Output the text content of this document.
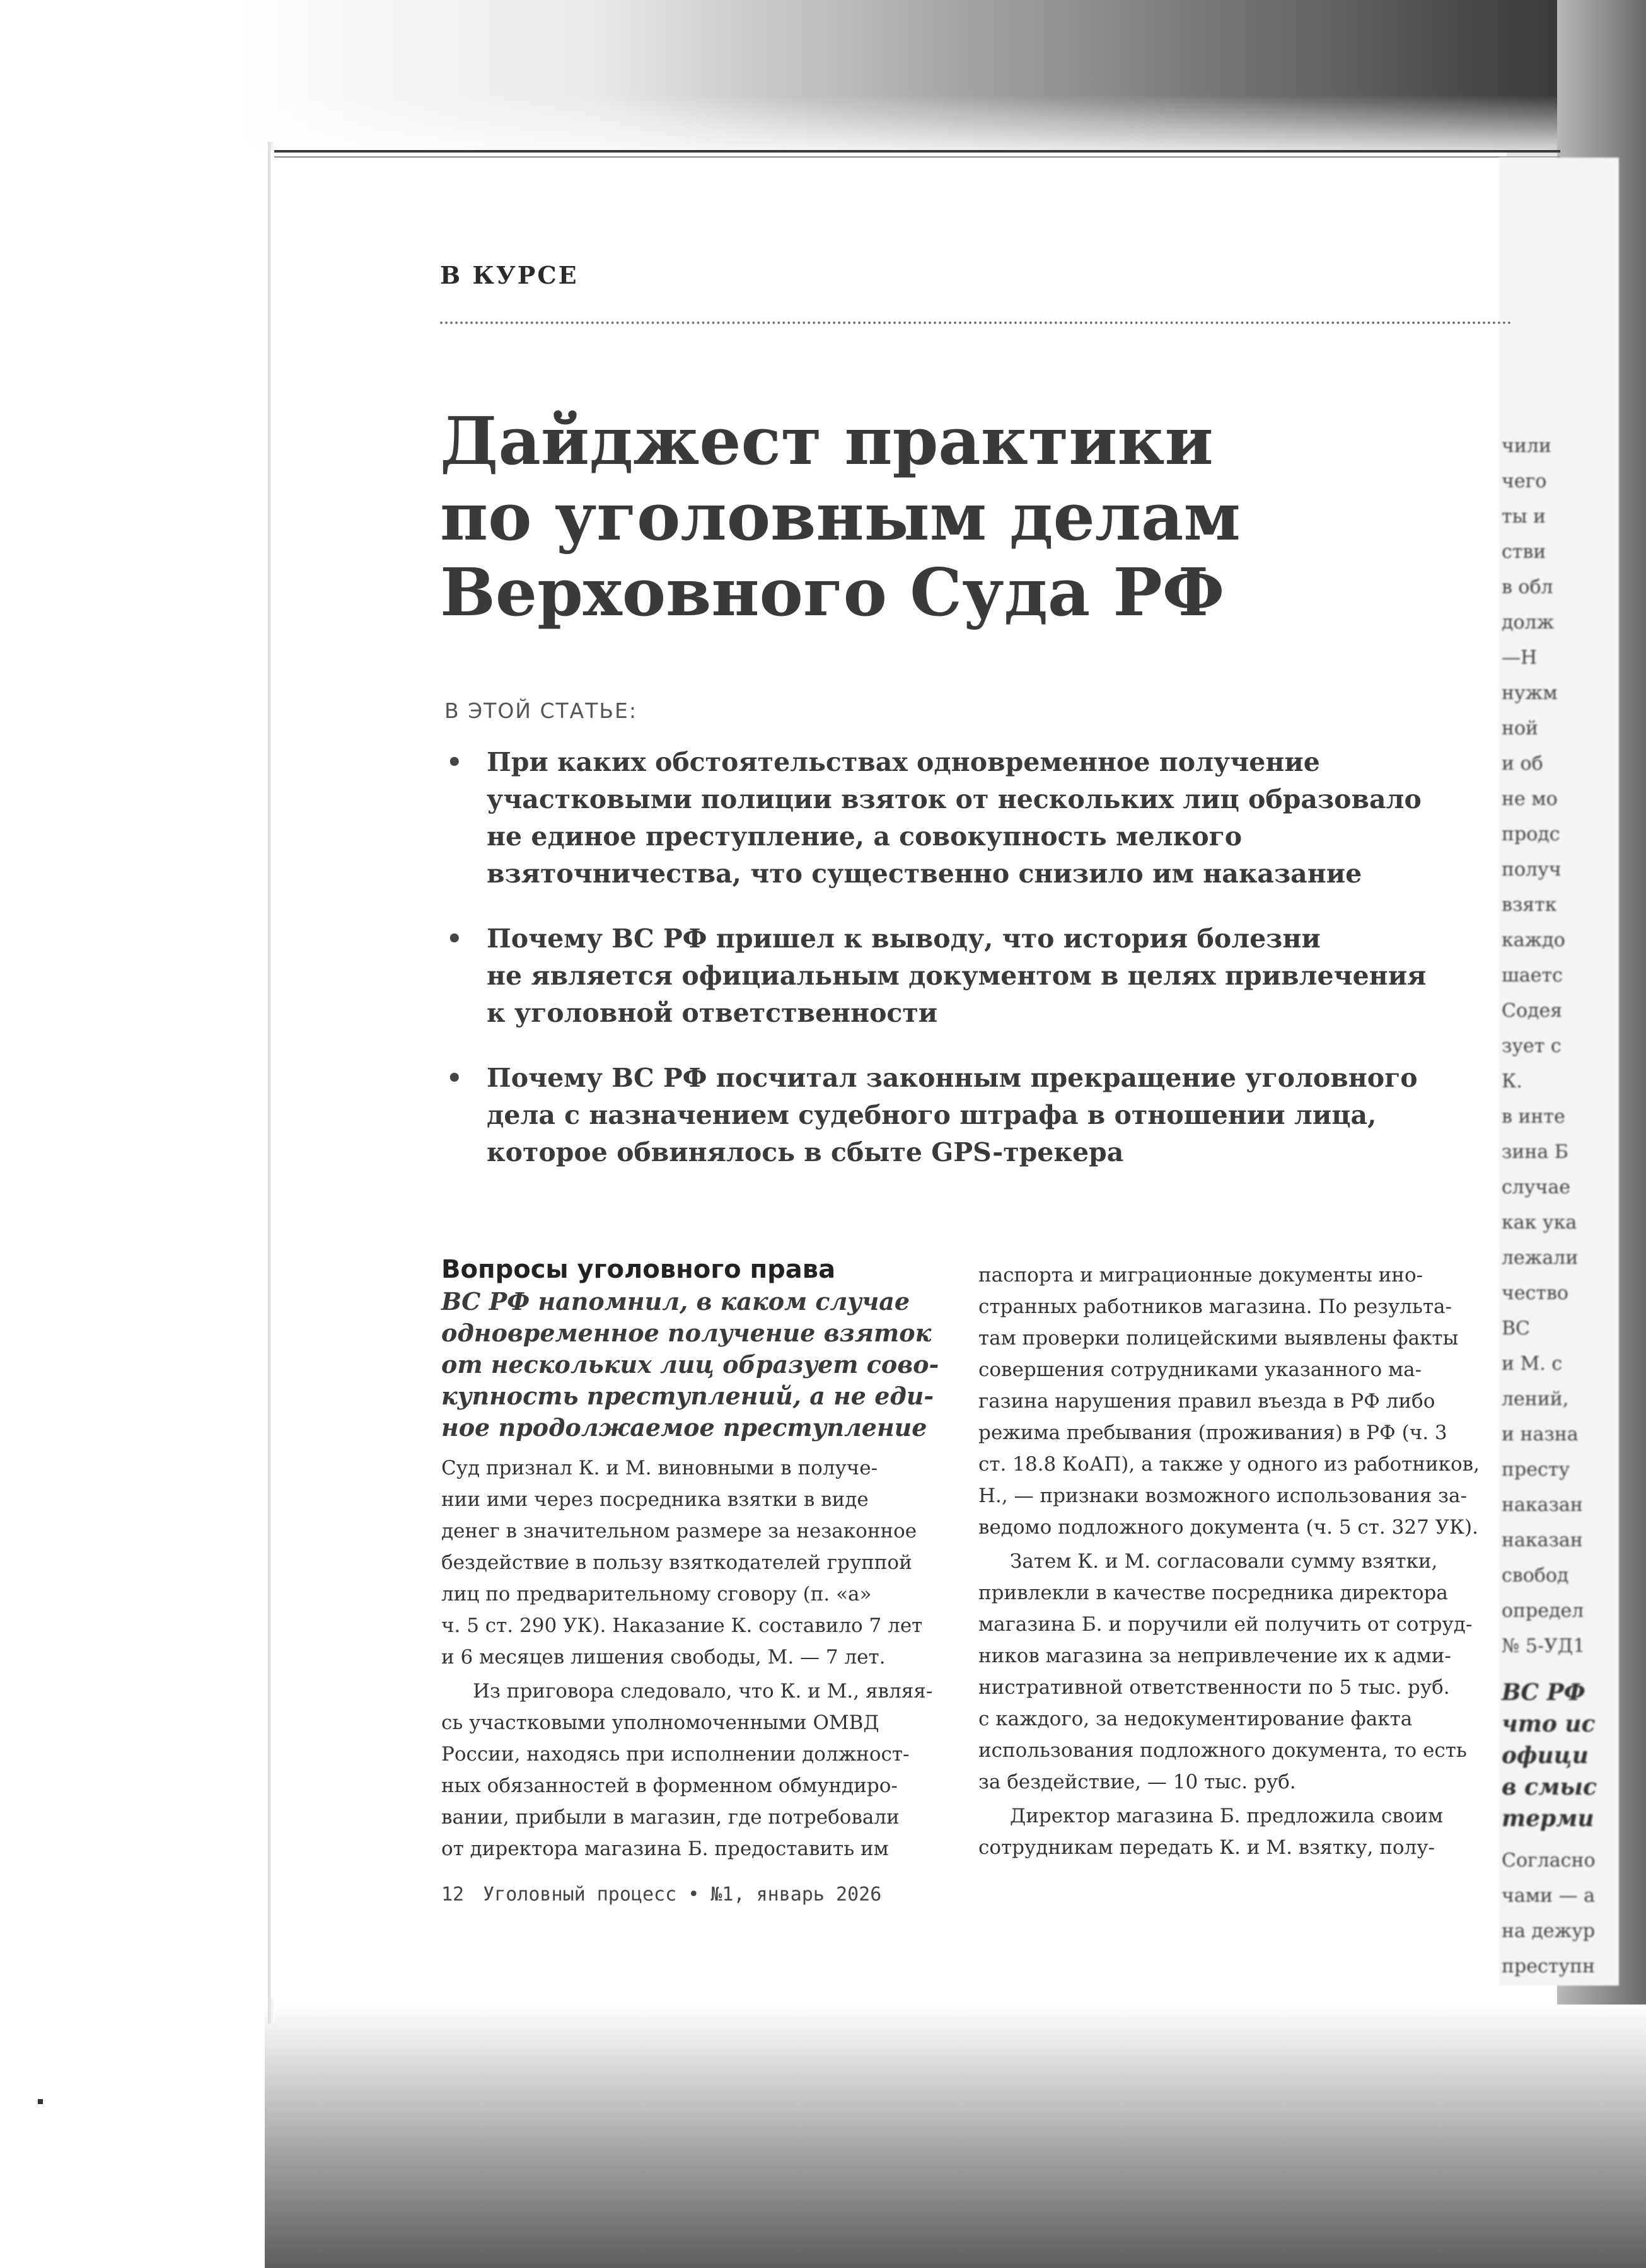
чили
чего
ты и
стви
в обл
долж
—Н
нужм
ной
и об
не мо
продс
получ
взятк
каждо
шаетс
Содея
зует с
К.
в инте
зина Б
случае
как ука
лежали
чество
ВС
и М. с
лений,
и назна
престу
наказан
наказан
свобод
определ
№ 5-УД1
ВС РФ
что ис
офици
в смыс
терми
Согласно
чами — а
на дежур
преступн
В КУРСЕ
Дайджест практики
по уголовным делам
Верховного Суда РФ
В ЭТОЙ СТАТЬЕ:
• При каких обстоятельствах одновременное получение
участковыми полиции взяток от нескольких лиц образовало
не единое преступление, а совокупность мелкого
взяточничества, что существенно снизило им наказание
• Почему ВС РФ пришел к выводу, что история болезни
не является официальным документом в целях привлечения
к уголовной ответственности
• Почему ВС РФ посчитал законным прекращение уголовного
дела с назначением судебного штрафа в отношении лица,
которое обвинялось в сбыте GPS-трекера
Вопросы уголовного права
ВС РФ напомнил, в каком случае
одновременное получение взяток
от нескольких лиц образует сово-
купность преступлений, а не еди-
ное продолжаемое преступление
Суд признал К. и М. виновными в получе-
нии ими через посредника взятки в виде
денег в значительном размере за незаконное
бездействие в пользу взяткодателей группой
лиц по предварительному сговору (п. «а»
ч. 5 ст. 290 УК). Наказание К. составило 7 лет
и 6 месяцев лишения свободы, М. — 7 лет.
Из приговора следовало, что К. и М., являя-
сь участковыми уполномоченными ОМВД
России, находясь при исполнении должност-
ных обязанностей в форменном обмундиро-
вании, прибыли в магазин, где потребовали
от директора магазина Б. предоставить им
паспорта и миграционные документы ино-
странных работников магазина. По результа-
там проверки полицейскими выявлены факты
совершения сотрудниками указанного ма-
газина нарушения правил въезда в РФ либо
режима пребывания (проживания) в РФ (ч. 3
ст. 18.8 КоАП), а также у одного из работников,
Н., — признаки возможного использования за-
ведомо подложного документа (ч. 5 ст. 327 УК).
Затем К. и М. согласовали сумму взятки,
привлекли в качестве посредника директора
магазина Б. и поручили ей получить от сотруд-
ников магазина за непривлечение их к адми-
нистративной ответственности по 5 тыс. руб.
с каждого, за недокументирование факта
использования подложного документа, то есть
за бездействие, — 10 тыс. руб.
Директор магазина Б. предложила своим
сотрудникам передать К. и М. взятку, полу-
12 Уголовный процесс • №1, январь 2026
